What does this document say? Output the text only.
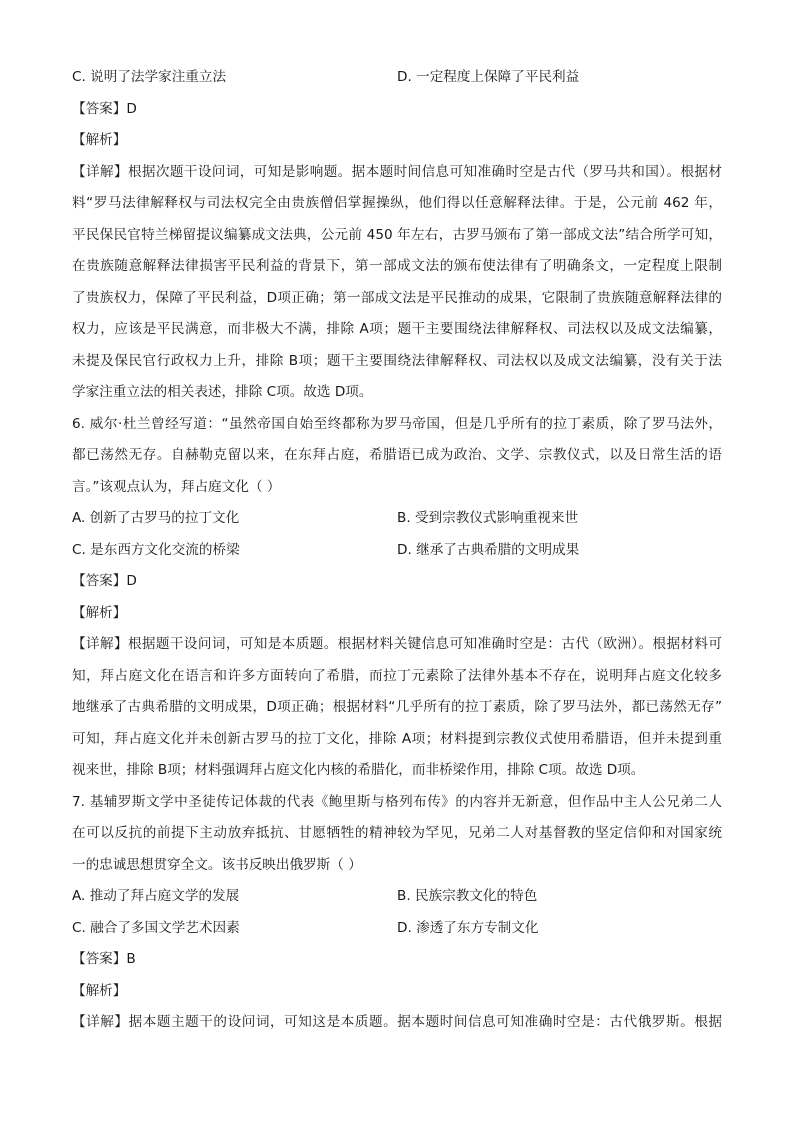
C. 说明了法学家注重立法	D. 一定程度上保障了平民利益
【答案】D
【解析】
【详解】根据次题干设问词，可知是影响题。据本题时间信息可知准确时空是古代（罗马共和国）。根据材
料“罗马法律解释权与司法权完全由贵族僧侣掌握操纵，他们得以任意解释法律。于是，公元前 462 年，
平民保民官特兰梯留提议编纂成文法典，公元前 450 年左右，古罗马颁布了第一部成文法”结合所学可知，
在贵族随意解释法律损害平民利益的背景下，第一部成文法的颁布使法律有了明确条文，一定程度上限制
了贵族权力，保障了平民利益，D项正确；第一部成文法是平民推动的成果，它限制了贵族随意解释法律的
权力，应该是平民满意，而非极大不满，排除 A项；题干主要围绕法律解释权、司法权以及成文法编纂，
未提及保民官行政权力上升，排除 B项；题干主要围绕法律解释权、司法权以及成文法编纂，没有关于法
学家注重立法的相关表述，排除 C项。故选 D项。
6. 威尔·杜兰曾经写道：“虽然帝国自始至终都称为罗马帝国，但是几乎所有的拉丁素质，除了罗马法外，
都已荡然无存。自赫勒克留以来，在东拜占庭，希腊语已成为政治、文学、宗教仪式，以及日常生活的语
言。”该观点认为，拜占庭文化（ ）
A. 创新了古罗马的拉丁文化	B. 受到宗教仪式影响重视来世
C. 是东西方文化交流的桥梁	D. 继承了古典希腊的文明成果
【答案】D
【解析】
【详解】根据题干设问词，可知是本质题。根据材料关键信息可知准确时空是：古代（欧洲）。根据材料可
知，拜占庭文化在语言和许多方面转向了希腊，而拉丁元素除了法律外基本不存在，说明拜占庭文化较多
地继承了古典希腊的文明成果，D项正确；根据材料“几乎所有的拉丁素质，除了罗马法外，都已荡然无存”
可知，拜占庭文化并未创新古罗马的拉丁文化，排除 A项；材料提到宗教仪式使用希腊语，但并未提到重
视来世，排除 B项；材料强调拜占庭文化内核的希腊化，而非桥梁作用，排除 C项。故选 D项。
7. 基辅罗斯文学中圣徒传记体裁的代表《鲍里斯与格列布传》的内容并无新意，但作品中主人公兄弟二人
在可以反抗的前提下主动放弃抵抗、甘愿牺牲的精神较为罕见，兄弟二人对基督教的坚定信仰和对国家统
一的忠诚思想贯穿全文。该书反映出俄罗斯（ ）
A. 推动了拜占庭文学的发展	B. 民族宗教文化的特色
C. 融合了多国文学艺术因素	D. 渗透了东方专制文化
【答案】B
【解析】
【详解】据本题主题干的设问词，可知这是本质题。据本题时间信息可知准确时空是：古代俄罗斯。根据
